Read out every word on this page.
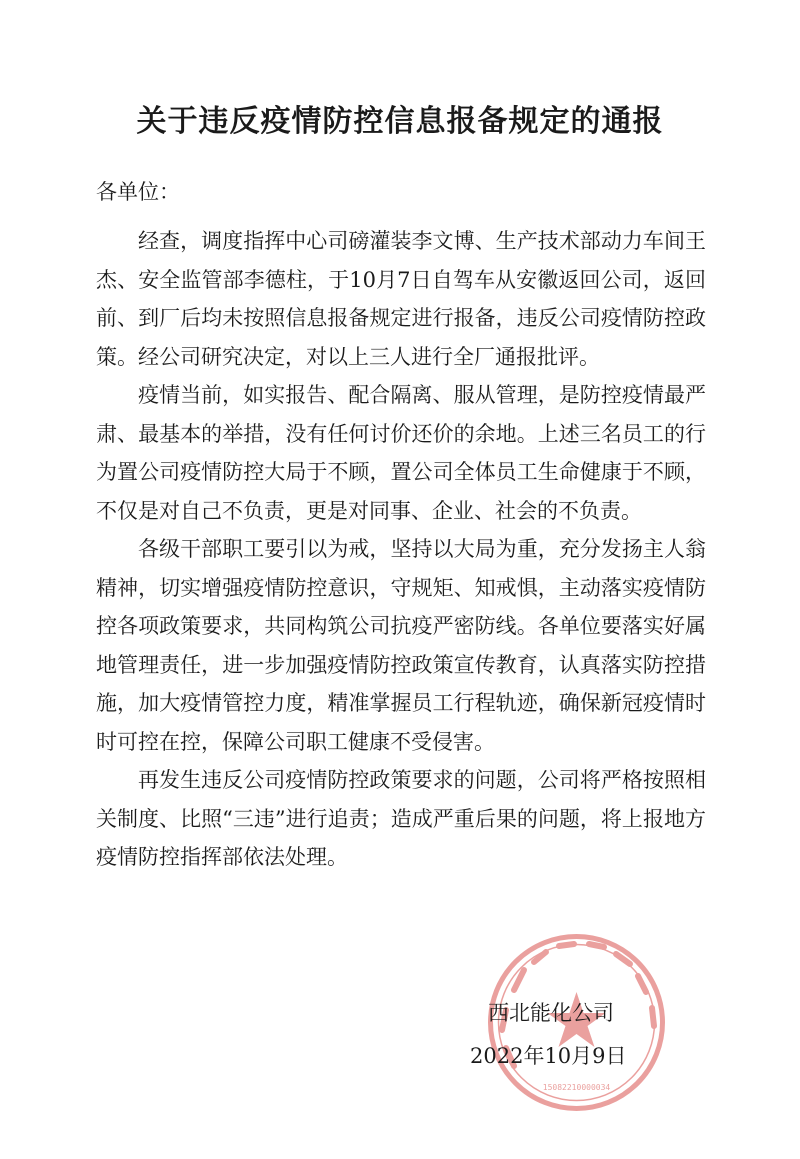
关于违反疫情防控信息报备规定的通报

各单位：

经查，调度指挥中心司磅灌装李文博、生产技术部动力车间王杰、安全监管部李德柱，于10月7日自驾车从安徽返回公司，返回前、到厂后均未按照信息报备规定进行报备，违反公司疫情防控政策。经公司研究决定，对以上三人进行全厂通报批评。

疫情当前，如实报告、配合隔离、服从管理，是防控疫情最严肃、最基本的举措，没有任何讨价还价的余地。上述三名员工的行为置公司疫情防控大局于不顾，置公司全体员工生命健康于不顾，不仅是对自己不负责，更是对同事、企业、社会的不负责。

各级干部职工要引以为戒，坚持以大局为重，充分发扬主人翁精神，切实增强疫情防控意识，守规矩、知戒惧，主动落实疫情防控各项政策要求，共同构筑公司抗疫严密防线。各单位要落实好属地管理责任，进一步加强疫情防控政策宣传教育，认真落实防控措施，加大疫情管控力度，精准掌握员工行程轨迹，确保新冠疫情时时可控在控，保障公司职工健康不受侵害。

再发生违反公司疫情防控政策要求的问题，公司将严格按照相关制度、比照“三违”进行追责；造成严重后果的问题，将上报地方疫情防控指挥部依法处理。

15082210000034
西北能化公司
2022年10月9日
